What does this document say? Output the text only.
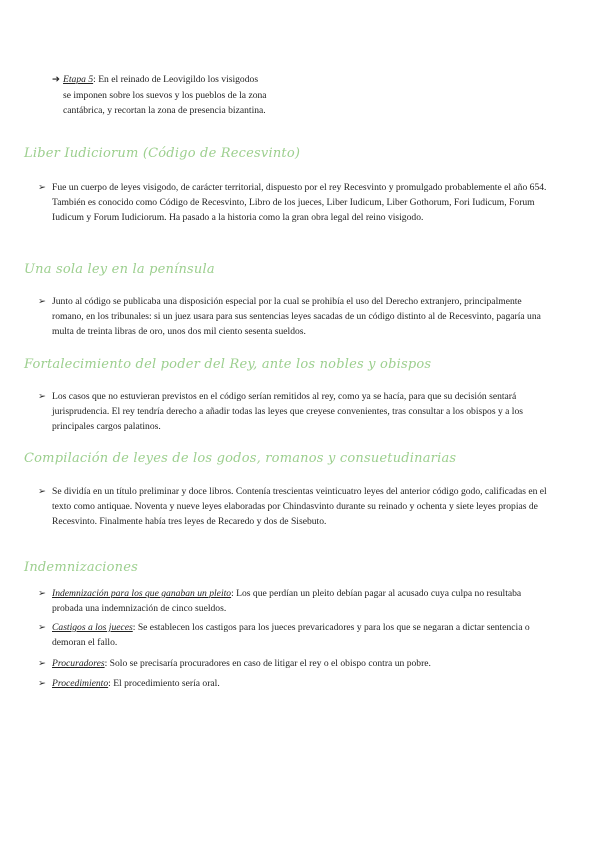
➔ Etapa 5: En el reinado de Leovigildo los visigodos
se imponen sobre los suevos y los pueblos de la zona
cantábrica, y recortan la zona de presencia bizantina.
Liber Iudiciorum (Código de Recesvinto)
➢ Fue un cuerpo de leyes visigodo, de carácter territorial, dispuesto por el rey Recesvinto y promulgado probablemente el año 654. También es conocido como Código de Recesvinto, Libro de los jueces, Liber Iudicum, Liber Gothorum, Fori Iudicum, Forum Iudicum y Forum Iudiciorum. Ha pasado a la historia como la gran obra legal del reino visigodo.
Una sola ley en la península
➢ Junto al código se publicaba una disposición especial por la cual se prohibía el uso del Derecho extranjero, principalmente romano, en los tribunales: si un juez usara para sus sentencias leyes sacadas de un código distinto al de Recesvinto, pagaría una multa de treinta libras de oro, unos dos mil ciento sesenta sueldos.
Fortalecimiento del poder del Rey, ante los nobles y obispos
➢ Los casos que no estuvieran previstos en el código serían remitidos al rey, como ya se hacía, para que su decisión sentará jurisprudencia. El rey tendría derecho a añadir todas las leyes que creyese convenientes, tras consultar a los obispos y a los principales cargos palatinos.
Compilación de leyes de los godos, romanos y consuetudinarias
➢ Se dividía en un título preliminar y doce libros. Contenía trescientas veinticuatro leyes del anterior código godo, calificadas en el texto como antiquae. Noventa y nueve leyes elaboradas por Chindasvinto durante su reinado y ochenta y siete leyes propias de Recesvinto. Finalmente había tres leyes de Recaredo y dos de Sisebuto.
Indemnizaciones
➢ Indemnización para los que ganaban un pleito: Los que perdían un pleito debían pagar al acusado cuya culpa no resultaba probada una indemnización de cinco sueldos.
➢ Castigos a los jueces: Se establecen los castigos para los jueces prevaricadores y para los que se negaran a dictar sentencia o demoran el fallo.
➢ Procuradores: Solo se precisaría procuradores en caso de litigar el rey o el obispo contra un pobre.
➢ Procedimiento: El procedimiento sería oral.
